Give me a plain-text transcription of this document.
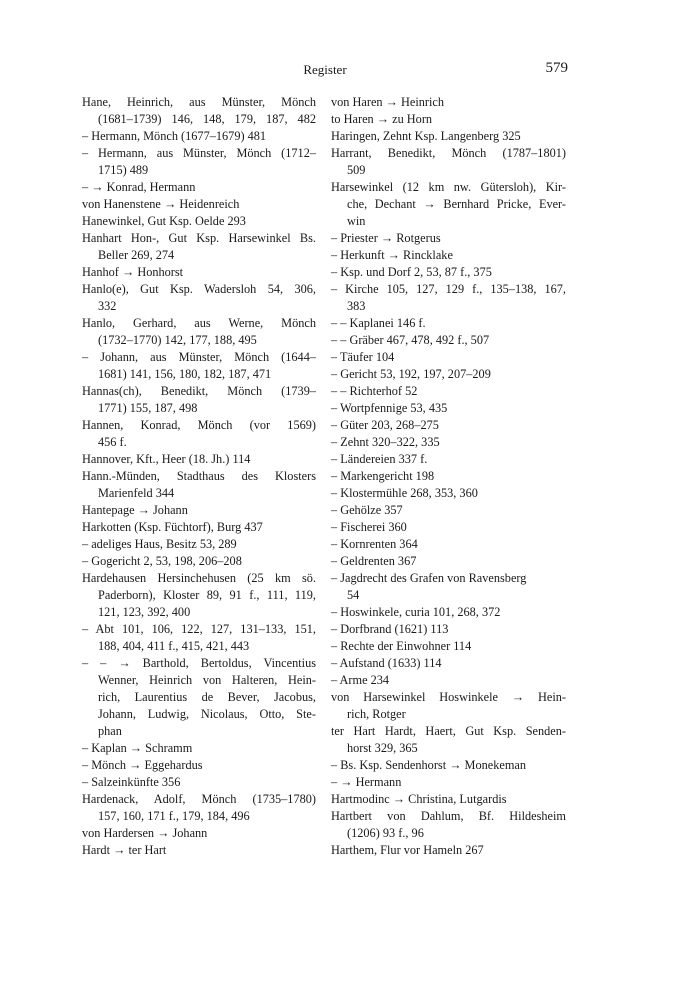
Register	579
Hane, Heinrich, aus Münster, Mönch
(1681–1739) 146, 148, 179, 187, 482
– Hermann, Mönch (1677–1679) 481
– Hermann, aus Münster, Mönch (1712–
1715) 489
– → Konrad, Hermann
von Hanenstene → Heidenreich
Hanewinkel, Gut Ksp. Oelde 293
Hanhart Hon-, Gut Ksp. Harsewinkel Bs.
Beller 269, 274
Hanhof → Honhorst
Hanlo(e), Gut Ksp. Wadersloh 54, 306,
332
Hanlo, Gerhard, aus Werne, Mönch
(1732–1770) 142, 177, 188, 495
– Johann, aus Münster, Mönch (1644–
1681) 141, 156, 180, 182, 187, 471
Hannas(ch), Benedikt, Mönch (1739–
1771) 155, 187, 498
Hannen, Konrad, Mönch (vor 1569)
456 f.
Hannover, Kft., Heer (18. Jh.) 114
Hann.-Münden, Stadthaus des Klosters
Marienfeld 344
Hantepage → Johann
Harkotten (Ksp. Füchtorf), Burg 437
– adeliges Haus, Besitz 53, 289
– Gogericht 2, 53, 198, 206–208
Hardehausen Hersinchehusen (25 km sö.
Paderborn), Kloster 89, 91 f., 111, 119,
121, 123, 392, 400
– Abt 101, 106, 122, 127, 131–133, 151,
188, 404, 411 f., 415, 421, 443
– – → Barthold, Bertoldus, Vincentius
Wenner, Heinrich von Halteren, Hein-
rich, Laurentius de Bever, Jacobus,
Johann, Ludwig, Nicolaus, Otto, Ste-
phan
– Kaplan → Schramm
– Mönch → Eggehardus
– Salzeinkünfte 356
Hardenack, Adolf, Mönch (1735–1780)
157, 160, 171 f., 179, 184, 496
von Hardersen → Johann
Hardt → ter Hart
von Haren → Heinrich
to Haren → zu Horn
Haringen, Zehnt Ksp. Langenberg 325
Harrant, Benedikt, Mönch (1787–1801)
509
Harsewinkel (12 km nw. Gütersloh), Kir-
che, Dechant → Bernhard Pricke, Ever-
win
– Priester → Rotgerus
– Herkunft → Rincklake
– Ksp. und Dorf 2, 53, 87 f., 375
– Kirche 105, 127, 129 f., 135–138, 167,
383
– – Kaplanei 146 f.
– – Gräber 467, 478, 492 f., 507
– Täufer 104
– Gericht 53, 192, 197, 207–209
– – Richterhof 52
– Wortpfennige 53, 435
– Güter 203, 268–275
– Zehnt 320–322, 335
– Ländereien 337 f.
– Markengericht 198
– Klostermühle 268, 353, 360
– Gehölze 357
– Fischerei 360
– Kornrenten 364
– Geldrenten 367
– Jagdrecht des Grafen von Ravensberg
54
– Hoswinkele, curia 101, 268, 372
– Dorfbrand (1621) 113
– Rechte der Einwohner 114
– Aufstand (1633) 114
– Arme 234
von Harsewinkel Hoswinkele → Hein-
rich, Rotger
ter Hart Hardt, Haert, Gut Ksp. Senden-
horst 329, 365
– Bs. Ksp. Sendenhorst → Monekeman
– → Hermann
Hartmodinc → Christina, Lutgardis
Hartbert von Dahlum, Bf. Hildesheim
(1206) 93 f., 96
Harthem, Flur vor Hameln 267
